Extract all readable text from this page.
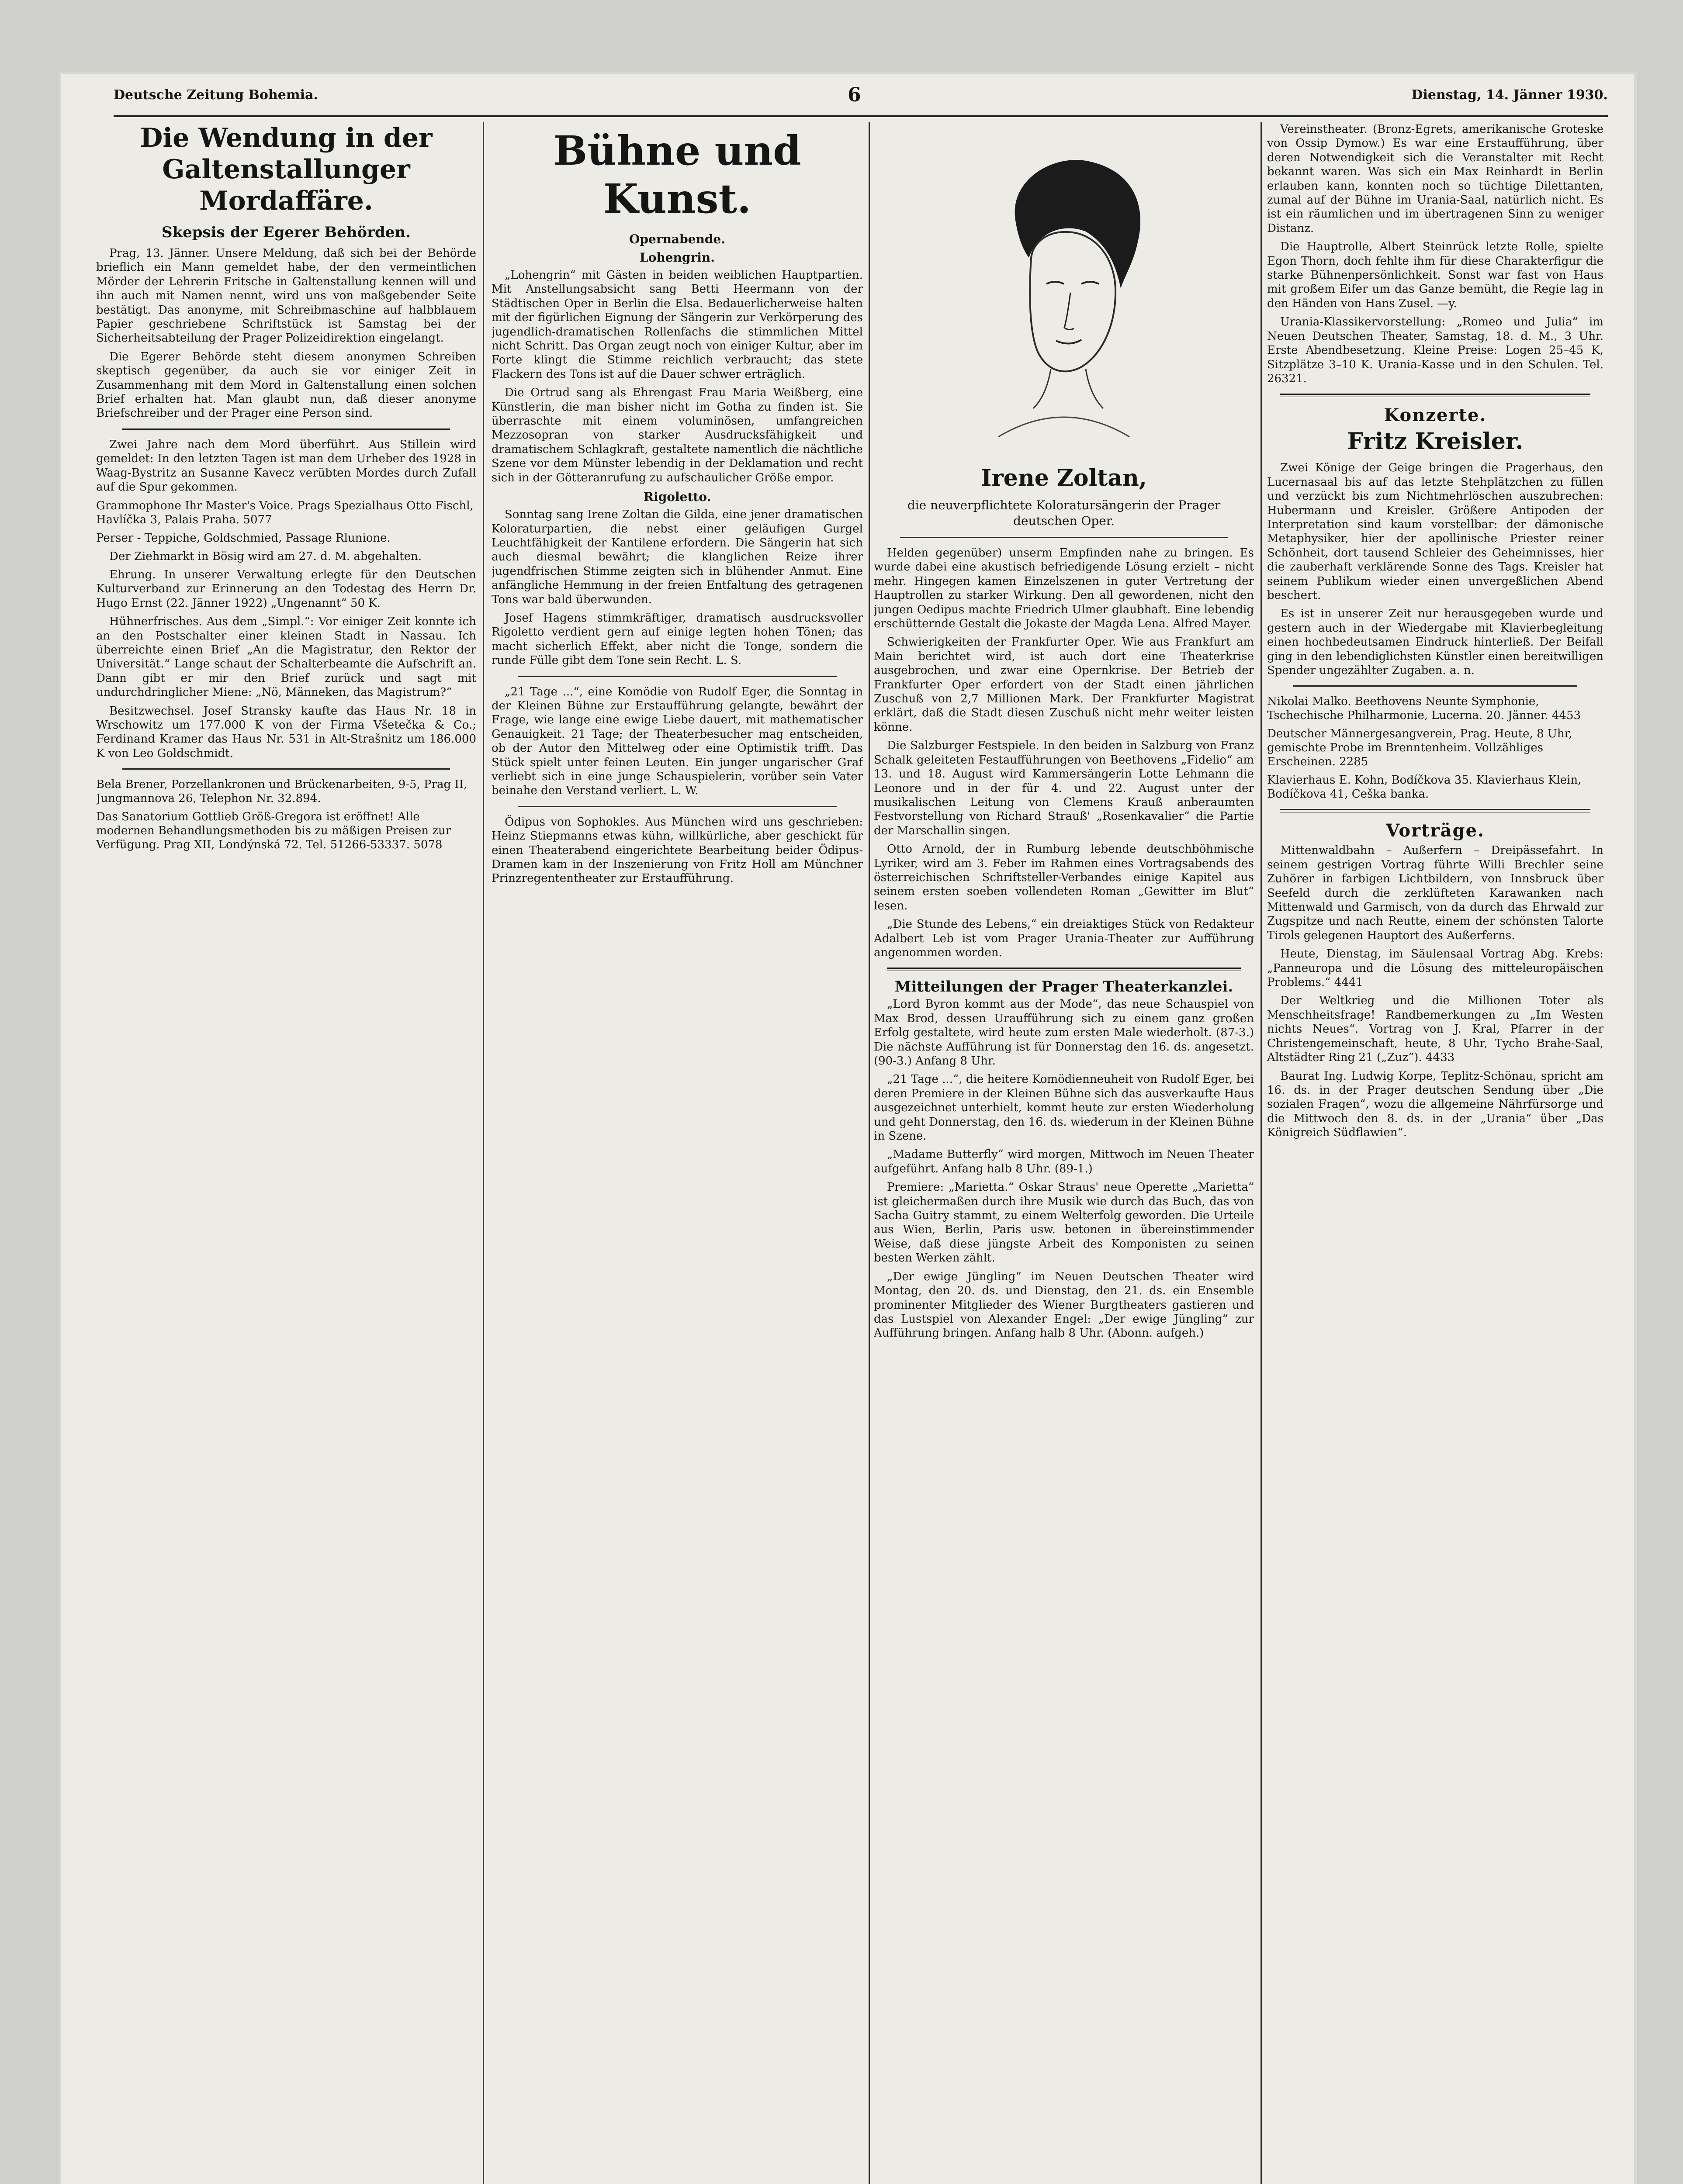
Deutsche Zeitung Bohemia.	6	Dienstag, 14. Jänner 1930.
Die Wendung in der Galtenstallunger Mordaffäre.
Skepsis der Egerer Behörden.

Prag, 13. Jänner. Unsere Meldung, daß sich bei der Behörde brieflich ein Mann gemeldet habe, der den vermeintlichen Mörder der Lehrerin Fritsche in Galtenstallung kennen will und ihn auch mit Namen nennt, wird uns von maßgebender Seite bestätigt. Das anonyme, mit Schreibmaschine auf halbblauem Papier geschriebene Schriftstück ist Samstag bei der Sicherheitsabteilung der Prager Polizeidirektion eingelangt.

Die Egerer Behörde steht diesem anonymen Schreiben skeptisch gegenüber, da auch sie vor einiger Zeit in Zusammenhang mit dem Mord in Galtenstallung einen solchen Brief erhalten hat. Man glaubt nun, daß dieser anonyme Briefschreiber und der Prager eine Person sind.

Zwei Jahre nach dem Mord überführt. Aus Stillein wird gemeldet: In den letzten Tagen ist man dem Urheber des 1928 in Waag-Bystritz an Susanne Kavecz verübten Mordes durch Zufall auf die Spur gekommen.

Grammophone Ihr Master's Voice. Prags Spezialhaus Otto Fischl, Havlíčka 3, Palais Praha. 5077

Perser - Teppiche, Goldschmied, Passage Rlunione.

Der Ziehmarkt in Bösig wird am 27. d. M. abgehalten.

Ehrung. In unserer Verwaltung erlegte für den Deutschen Kulturverband zur Erinnerung an den Todestag des Herrn Dr. Hugo Ernst (22. Jänner 1922) „Ungenannt“ 50 K.

Hühnerfrisches. Aus dem „Simpl.“: Vor einiger Zeit konnte ich an den Postschalter einer kleinen Stadt in Nassau. Ich überreichte einen Brief „An die Magistratur, den Rektor der Universität.“ Lange schaut der Schalterbeamte die Aufschrift an. Dann gibt er mir den Brief zurück und sagt mit undurchdringlicher Miene: „Nö, Männeken, das Magistrum?“

Besitzwechsel. Josef Stransky kaufte das Haus Nr. 18 in Wrschowitz um 177.000 K von der Firma Všetečka & Co.; Ferdinand Kramer das Haus Nr. 531 in Alt-Strašnitz um 186.000 K von Leo Goldschmidt.

Bela Brener, Porzellankronen und Brückenarbeiten, 9-5, Prag II, Jungmannova 26, Telephon Nr. 32.894.

Das Sanatorium Gottlieb Größ-Gregora ist eröffnet! Alle modernen Behandlungsmethoden bis zu mäßigen Preisen zur Verfügung. Prag XII, Londýnská 72. Tel. 51266-53337. 5078

Bühne und Kunst.
Opernabende.
Lohengrin.

„Lohengrin“ mit Gästen in beiden weiblichen Hauptpartien. Mit Anstellungsabsicht sang Betti Heermann von der Städtischen Oper in Berlin die Elsa. Bedauerlicherweise halten mit der figürlichen Eignung der Sängerin zur Verkörperung des jugendlich-dramatischen Rollenfachs die stimmlichen Mittel nicht Schritt. Das Organ zeugt noch von einiger Kultur, aber im Forte klingt die Stimme reichlich verbraucht; das stete Flackern des Tons ist auf die Dauer schwer erträglich.

Die Ortrud sang als Ehrengast Frau Maria Weißberg, eine Künstlerin, die man bisher nicht im Gotha zu finden ist. Sie überraschte mit einem voluminösen, umfangreichen Mezzosopran von starker Ausdrucksfähigkeit und dramatischem Schlagkraft, gestaltete namentlich die nächtliche Szene vor dem Münster lebendig in der Deklamation und recht sich in der Götteranrufung zu aufschaulicher Größe empor.

Rigoletto.

Sonntag sang Irene Zoltan die Gilda, eine jener dramatischen Koloraturpartien, die nebst einer geläufigen Gurgel Leuchtfähigkeit der Kantilene erfordern. Die Sängerin hat sich auch diesmal bewährt; die klanglichen Reize ihrer jugendfrischen Stimme zeigten sich in blühender Anmut. Eine anfängliche Hemmung in der freien Entfaltung des getragenen Tons war bald überwunden.

Josef Hagens stimmkräftiger, dramatisch ausdrucksvoller Rigoletto verdient gern auf einige legten hohen Tönen; das macht sicherlich Effekt, aber nicht die Tonge, sondern die runde Fülle gibt dem Tone sein Recht. L. S.

„21 Tage ...“, eine Komödie von Rudolf Eger, die Sonntag in der Kleinen Bühne zur Erstaufführung gelangte, bewährt der Frage, wie lange eine ewige Liebe dauert, mit mathematischer Genauigkeit. 21 Tage; der Theaterbesucher mag entscheiden, ob der Autor den Mittelweg oder eine Optimistik trifft. Das Stück spielt unter feinen Leuten. Ein junger ungarischer Graf verliebt sich in eine junge Schauspielerin, vorüber sein Vater beinahe den Verstand verliert. L. W.

Ödipus von Sophokles. Aus München wird uns geschrieben: Heinz Stiepmanns etwas kühn, willkürliche, aber geschickt für einen Theaterabend eingerichtete Bearbeitung beider Ödipus-Dramen kam in der Inszenierung von Fritz Holl am Münchner Prinzregententheater zur Erstaufführung.

Irene Zoltan,
die neuverpflichtete Koloratursängerin der Prager deutschen Oper.

Helden gegenüber) unserm Empfinden nahe zu bringen. Es wurde dabei eine akustisch befriedigende Lösung erzielt – nicht mehr. Hingegen kamen Einzelszenen in guter Vertretung der Hauptrollen zu starker Wirkung. Den all gewordenen, nicht den jungen Oedipus machte Friedrich Ulmer glaubhaft. Eine lebendig erschütternde Gestalt die Jokaste der Magda Lena. Alfred Mayer.

Schwierigkeiten der Frankfurter Oper. Wie aus Frankfurt am Main berichtet wird, ist auch dort eine Theaterkrise ausgebrochen, und zwar eine Opernkrise. Der Betrieb der Frankfurter Oper erfordert von der Stadt einen jährlichen Zuschuß von 2,7 Millionen Mark. Der Frankfurter Magistrat erklärt, daß die Stadt diesen Zuschuß nicht mehr weiter leisten könne.

Die Salzburger Festspiele. In den beiden in Salzburg von Franz Schalk geleiteten Festaufführungen von Beethovens „Fidelio“ am 13. und 18. August wird Kammersängerin Lotte Lehmann die Leonore und in der für 4. und 22. August unter der musikalischen Leitung von Clemens Krauß anberaumten Festvorstellung von Richard Strauß' „Rosenkavalier“ die Partie der Marschallin singen.

Otto Arnold, der in Rumburg lebende deutschböhmische Lyriker, wird am 3. Feber im Rahmen eines Vortragsabends des österreichischen Schriftsteller-Verbandes einige Kapitel aus seinem ersten soeben vollendeten Roman „Gewitter im Blut“ lesen.

„Die Stunde des Lebens,“ ein dreiaktiges Stück von Redakteur Adalbert Leb ist vom Prager Urania-Theater zur Aufführung angenommen worden.

Mitteilungen der Prager Theaterkanzlei.

„Lord Byron kommt aus der Mode“, das neue Schauspiel von Max Brod, dessen Uraufführung sich zu einem ganz großen Erfolg gestaltete, wird heute zum ersten Male wiederholt. (87-3.) Die nächste Aufführung ist für Donnerstag den 16. ds. angesetzt. (90-3.) Anfang 8 Uhr.

„21 Tage ...“, die heitere Komödienneuheit von Rudolf Eger, bei deren Premiere in der Kleinen Bühne sich das ausverkaufte Haus ausgezeichnet unterhielt, kommt heute zur ersten Wiederholung und geht Donnerstag, den 16. ds. wiederum in der Kleinen Bühne in Szene.

„Madame Butterfly“ wird morgen, Mittwoch im Neuen Theater aufgeführt. Anfang halb 8 Uhr. (89-1.)

Premiere: „Marietta.“ Oskar Straus' neue Operette „Marietta“ ist gleichermaßen durch ihre Musik wie durch das Buch, das von Sacha Guitry stammt, zu einem Welterfolg geworden. Die Urteile aus Wien, Berlin, Paris usw. betonen in übereinstimmender Weise, daß diese jüngste Arbeit des Komponisten zu seinen besten Werken zählt.

„Der ewige Jüngling“ im Neuen Deutschen Theater wird Montag, den 20. ds. und Dienstag, den 21. ds. ein Ensemble prominenter Mitglieder des Wiener Burgtheaters gastieren und das Lustspiel von Alexander Engel: „Der ewige Jüngling“ zur Aufführung bringen. Anfang halb 8 Uhr. (Abonn. aufgeh.)

Vereinstheater. (Bronz-Egrets, amerikanische Groteske von Ossip Dymow.) Es war eine Erstaufführung, über deren Notwendigkeit sich die Veranstalter mit Recht bekannt waren. Was sich ein Max Reinhardt in Berlin erlauben kann, konnten noch so tüchtige Dilettanten, zumal auf der Bühne im Urania-Saal, natürlich nicht. Es ist ein räumlichen und im übertragenen Sinn zu weniger Distanz.

Die Hauptrolle, Albert Steinrück letzte Rolle, spielte Egon Thorn, doch fehlte ihm für diese Charakterfigur die starke Bühnenpersönlichkeit. Sonst war fast von Haus mit großem Eifer um das Ganze bemüht, die Regie lag in den Händen von Hans Zusel. —y.

Urania-Klassikervorstellung: „Romeo und Julia“ im Neuen Deutschen Theater, Samstag, 18. d. M., 3 Uhr. Erste Abendbesetzung. Kleine Preise: Logen 25–45 K, Sitzplätze 3–10 K. Urania-Kasse und in den Schulen. Tel. 26321.

Konzerte.
Fritz Kreisler.

Zwei Könige der Geige bringen die Pragerhaus, den Lucernasaal bis auf das letzte Stehplätzchen zu füllen und verzückt bis zum Nichtmehrlöschen auszubrechen: Hubermann und Kreisler. Größere Antipoden der Interpretation sind kaum vorstellbar: der dämonische Metaphysiker, hier der apollinische Priester reiner Schönheit, dort tausend Schleier des Geheimnisses, hier die zauberhaft verklärende Sonne des Tags. Kreisler hat seinem Publikum wieder einen unvergeßlichen Abend beschert.

Es ist in unserer Zeit nur herausgegeben wurde und gestern auch in der Wiedergabe mit Klavierbegleitung einen hochbedeutsamen Eindruck hinterließ. Der Beifall ging in den lebendiglichsten Künstler einen bereitwilligen Spender ungezählter Zugaben. a. n.

Nikolai Malko. Beethovens Neunte Symphonie, Tschechische Philharmonie, Lucerna. 20. Jänner. 4453

Deutscher Männergesangverein, Prag. Heute, 8 Uhr, gemischte Probe im Brenntenheim. Vollzähliges Erscheinen. 2285

Klavierhaus E. Kohn, Bodíčkova 35. Klavierhaus Klein, Bodíčkova 41, Ceška banka.

Vorträge.

Mittenwaldbahn – Außerfern – Dreipässefahrt. In seinem gestrigen Vortrag führte Willi Brechler seine Zuhörer in farbigen Lichtbildern, von Innsbruck über Seefeld durch die zerklüfteten Karawanken nach Mittenwald und Garmisch, von da durch das Ehrwald zur Zugspitze und nach Reutte, einem der schönsten Talorte Tirols gelegenen Hauptort des Außerferns.

Heute, Dienstag, im Säulensaal Vortrag Abg. Krebs: „Panneuropa und die Lösung des mitteleuropäischen Problems.“ 4441

Der Weltkrieg und die Millionen Toter als Menschheitsfrage! Randbemerkungen zu „Im Westen nichts Neues“. Vortrag von J. Kral, Pfarrer in der Christengemeinschaft, heute, 8 Uhr, Tycho Brahe-Saal, Altstädter Ring 21 („Zuz“). 4433

Baurat Ing. Ludwig Korpe, Teplitz-Schönau, spricht am 16. ds. in der Prager deutschen Sendung über „Die sozialen Fragen“, wozu die allgemeine Nährfürsorge und die Mittwoch den 8. ds. in der „Urania“ über „Das Königreich Südflawien“.
